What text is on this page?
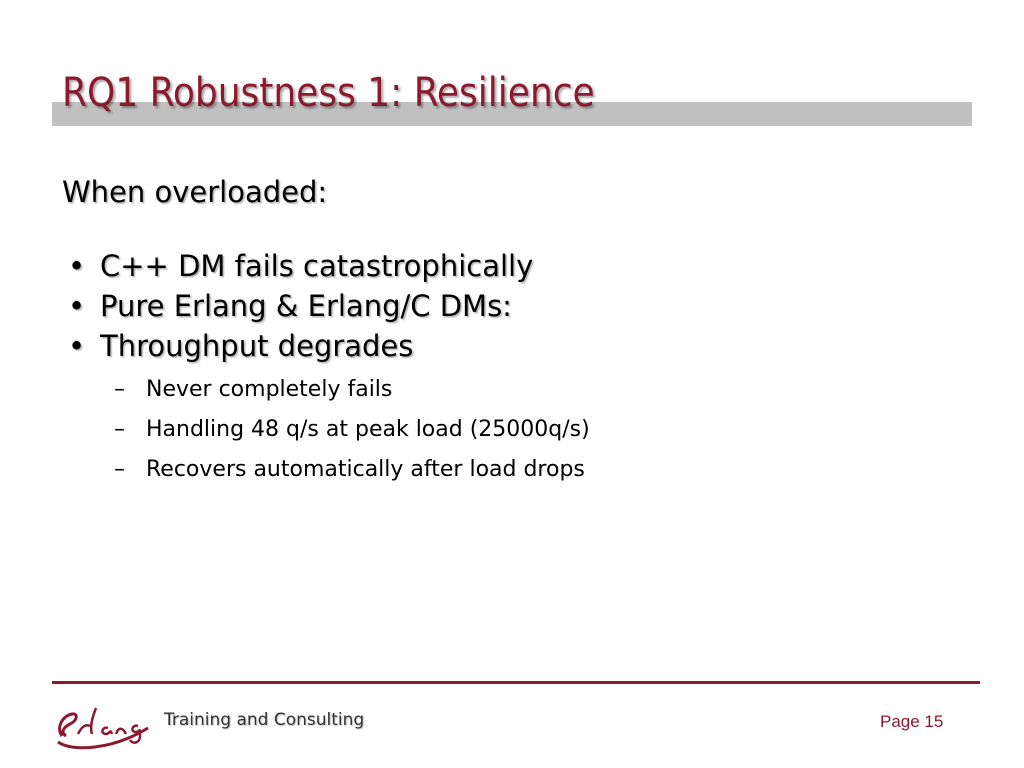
RQ1 Robustness 1: Resilience
When overloaded:
• C++ DM fails catastrophically
• Pure Erlang & Erlang/C DMs:
• Throughput degrades
– Never completely fails
– Handling 48 q/s at peak load (25000q/s)
– Recovers automatically after load drops
Training and Consulting	Page 15
